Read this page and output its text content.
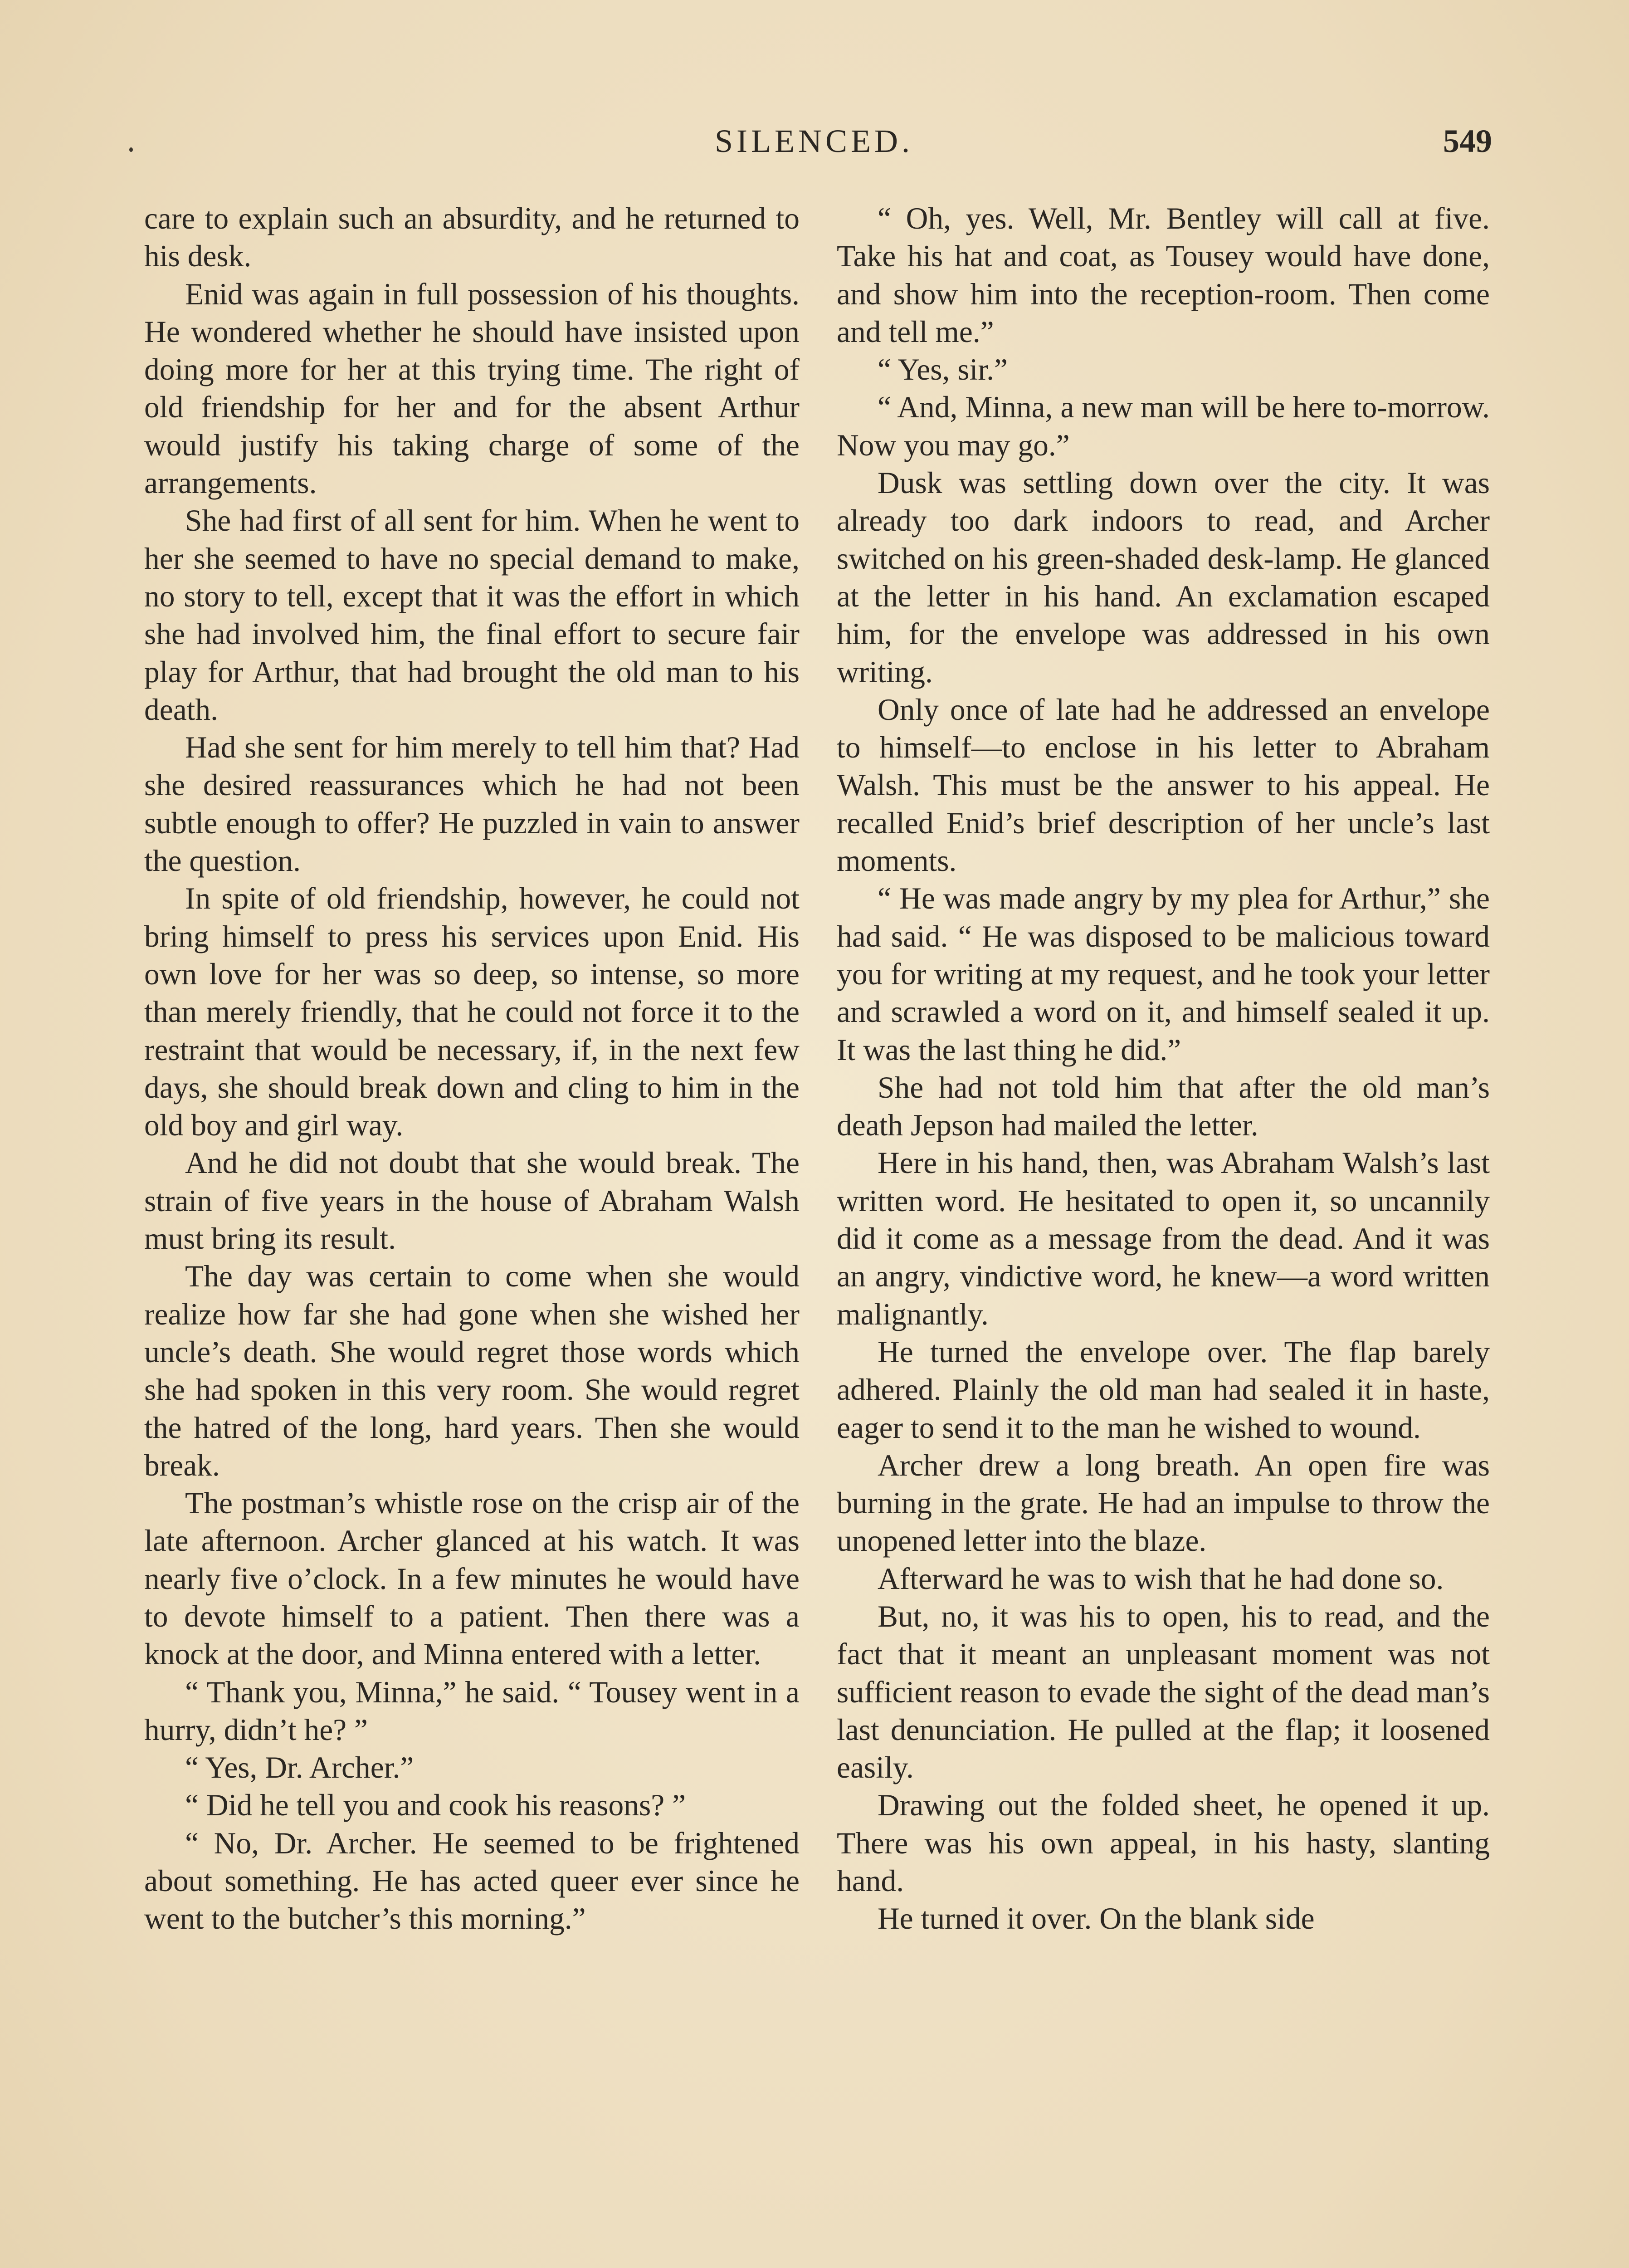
SILENCED.	549

care to explain such an absurdity, and he returned to his desk.

Enid was again in full possession of his thoughts. He wondered whether he should have insisted upon doing more for her at this trying time. The right of old friendship for her and for the absent Arthur would justify his taking charge of some of the arrangements.

She had first of all sent for him. When he went to her she seemed to have no special demand to make, no story to tell, except that it was the effort in which she had involved him, the final effort to secure fair play for Arthur, that had brought the old man to his death.

Had she sent for him merely to tell him that? Had she desired reassurances which he had not been subtle enough to offer? He puzzled in vain to answer the question.

In spite of old friendship, however, he could not bring himself to press his services upon Enid. His own love for her was so deep, so intense, so more than merely friendly, that he could not force it to the restraint that would be necessary, if, in the next few days, she should break down and cling to him in the old boy and girl way.

And he did not doubt that she would break. The strain of five years in the house of Abraham Walsh must bring its result.

The day was certain to come when she would realize how far she had gone when she wished her uncle’s death. She would regret those words which she had spoken in this very room. She would regret the hatred of the long, hard years. Then she would break.

The postman’s whistle rose on the crisp air of the late afternoon. Archer glanced at his watch. It was nearly five o’clock. In a few minutes he would have to devote himself to a patient. Then there was a knock at the door, and Minna entered with a letter.

“ Thank you, Minna,” he said. “ Tousey went in a hurry, didn’t he? ”

“ Yes, Dr. Archer.”

“ Did he tell you and cook his reasons? ”

“ No, Dr. Archer. He seemed to be frightened about something. He has acted queer ever since he went to the butcher’s this morning.”

“ Oh, yes. Well, Mr. Bentley will call at five. Take his hat and coat, as Tousey would have done, and show him into the reception-room. Then come and tell me.”

“ Yes, sir.”

“ And, Minna, a new man will be here to-morrow. Now you may go.”

Dusk was settling down over the city. It was already too dark indoors to read, and Archer switched on his green-shaded desk-lamp. He glanced at the letter in his hand. An exclamation escaped him, for the envelope was addressed in his own writing.

Only once of late had he addressed an envelope to himself—to enclose in his letter to Abraham Walsh. This must be the answer to his appeal. He recalled Enid’s brief description of her uncle’s last moments.

“ He was made angry by my plea for Arthur,” she had said. “ He was disposed to be malicious toward you for writing at my request, and he took your letter and scrawled a word on it, and himself sealed it up. It was the last thing he did.”

She had not told him that after the old man’s death Jepson had mailed the letter.

Here in his hand, then, was Abraham Walsh’s last written word. He hesitated to open it, so uncannily did it come as a message from the dead. And it was an angry, vindictive word, he knew—a word written malignantly.

He turned the envelope over. The flap barely adhered. Plainly the old man had sealed it in haste, eager to send it to the man he wished to wound.

Archer drew a long breath. An open fire was burning in the grate. He had an impulse to throw the unopened letter into the blaze.

Afterward he was to wish that he had done so.

But, no, it was his to open, his to read, and the fact that it meant an unpleasant moment was not sufficient reason to evade the sight of the dead man’s last denunciation. He pulled at the flap; it loosened easily.

Drawing out the folded sheet, he opened it up. There was his own appeal, in his hasty, slanting hand.

He turned it over. On the blank side
